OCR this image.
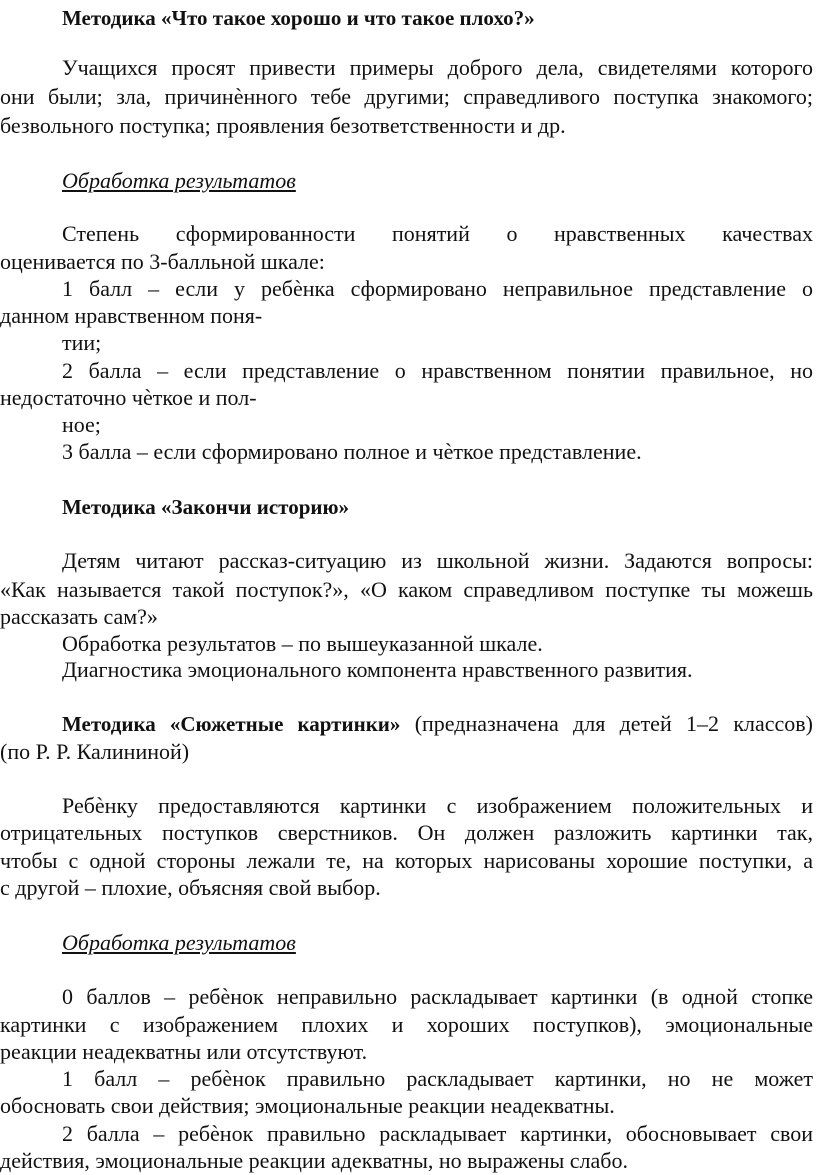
Методика «Что такое хорошо и что такое плохо?»
Учащихся просят привести примеры доброго дела, свидетелями которого
они были; зла, причинѐнного тебе другими; справедливого поступка знакомого;
безвольного поступка; проявления безответственности и др.
Обработка результатов
Степень сформированности понятий о нравственных качествах
оценивается по 3-балльной шкале:
1 балл – если у ребѐнка сформировано неправильное представление о
данном нравственном поня-
тии;
2 балла – если представление о нравственном понятии правильное, но
недостаточно чѐткое и пол-
ное;
3 балла – если сформировано полное и чѐткое представление.
Методика «Закончи историю»
Детям читают рассказ-ситуацию из школьной жизни. Задаются вопросы:
«Как называется такой поступок?», «О каком справедливом поступке ты можешь
рассказать сам?»
Обработка результатов – по вышеуказанной шкале.
Диагностика эмоционального компонента нравственного развития.
Методика «Сюжетные картинки» (предназначена для детей 1–2 классов)
(по Р. Р. Калининой)
Ребѐнку предоставляются картинки с изображением положительных и
отрицательных поступков сверстников. Он должен разложить картинки так,
чтобы с одной стороны лежали те, на которых нарисованы хорошие поступки, а
с другой – плохие, объясняя свой выбор.
Обработка результатов
0 баллов – ребѐнок неправильно раскладывает картинки (в одной стопке
картинки с изображением плохих и хороших поступков), эмоциональные
реакции неадекватны или отсутствуют.
1 балл – ребѐнок правильно раскладывает картинки, но не может
обосновать свои действия; эмоциональные реакции неадекватны.
2 балла – ребѐнок правильно раскладывает картинки, обосновывает свои
действия, эмоциональные реакции адекватны, но выражены слабо.
